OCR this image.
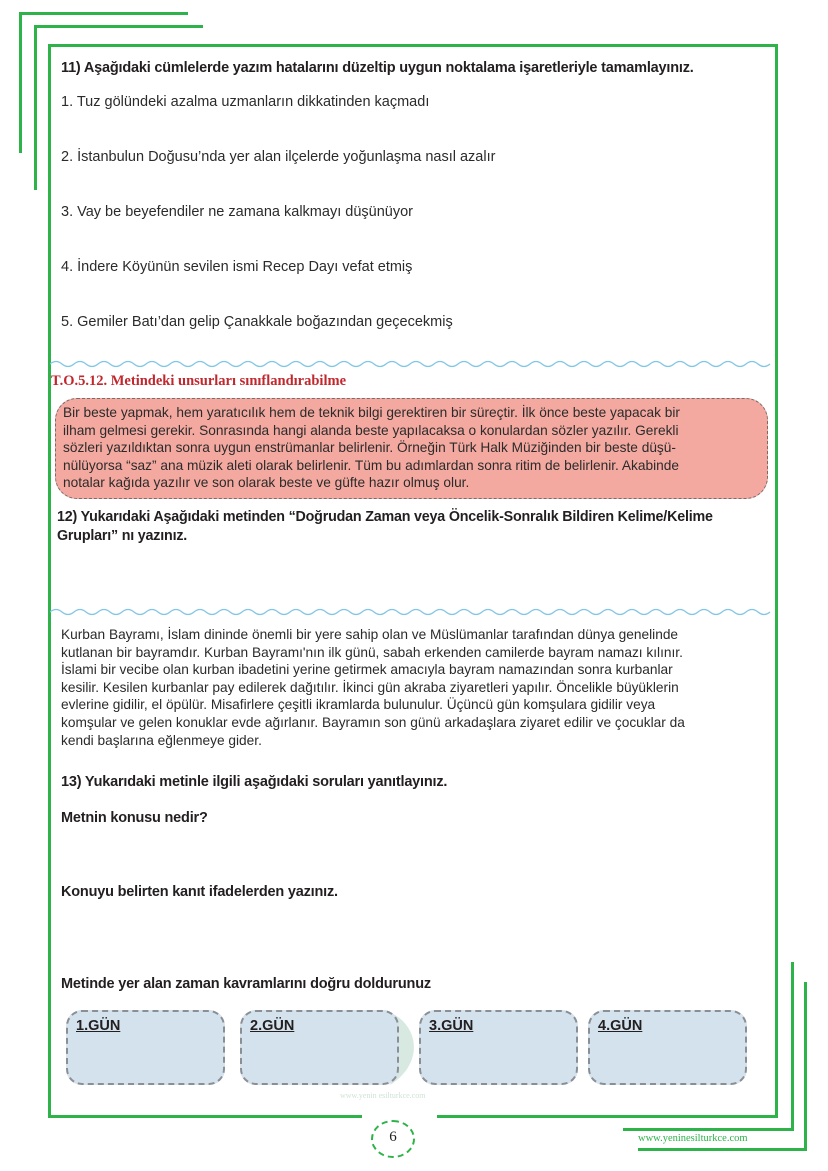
11) Aşağıdaki cümlelerde yazım hatalarını düzeltip uygun noktalama işaretleriyle tamamlayınız.
1. Tuz gölündeki azalma uzmanların dikkatinden kaçmadı
2. İstanbulun Doğusu’nda yer alan ilçelerde yoğunlaşma nasıl azalır
3. Vay be beyefendiler ne zamana kalkmayı düşünüyor
4. İndere Köyünün sevilen ismi Recep Dayı vefat etmiş
5. Gemiler Batı’dan gelip Çanakkale boğazından geçecekmiş
T.O.5.12. Metindeki unsurları sınıflandırabilme
Bir beste yapmak, hem yaratıcılık hem de teknik bilgi gerektiren bir süreçtir. İlk önce beste yapacak bir
ilham gelmesi gerekir. Sonrasında hangi alanda beste yapılacaksa o konulardan sözler yazılır. Gerekli
sözleri yazıldıktan sonra uygun enstrümanlar belirlenir. Örneğin Türk Halk Müziğinden bir beste düşü-
nülüyorsa “saz” ana müzik aleti olarak belirlenir. Tüm bu adımlardan sonra ritim de belirlenir. Akabinde
notalar kağıda yazılır ve son olarak beste ve güfte hazır olmuş olur.
12) Yukarıdaki Aşağıdaki metinden “Doğrudan Zaman veya Öncelik-Sonralık Bildiren Kelime/Kelime
Grupları” nı yazınız.
Kurban Bayramı, İslam dininde önemli bir yere sahip olan ve Müslümanlar tarafından dünya genelinde
kutlanan bir bayramdır. Kurban Bayramı'nın ilk günü, sabah erkenden camilerde bayram namazı kılınır.
İslami bir vecibe olan kurban ibadetini yerine getirmek amacıyla bayram namazından sonra kurbanlar
kesilir. Kesilen kurbanlar pay edilerek dağıtılır. İkinci gün akraba ziyaretleri yapılır. Öncelikle büyüklerin
evlerine gidilir, el öpülür. Misafirlere çeşitli ikramlarda bulunulur. Üçüncü gün komşulara gidilir veya
komşular ve gelen konuklar evde ağırlanır. Bayramın son günü arkadaşlara ziyaret edilir ve çocuklar da
kendi başlarına eğlenmeye gider.
13) Yukarıdaki metinle ilgili aşağıdaki soruları yanıtlayınız.
Metnin konusu nedir?
Konuyu belirten kanıt ifadelerden yazınız.
Metinde yer alan zaman kavramlarını doğru doldurunuz
www.yenin esilturkce.com
1.GÜN	2.GÜN	3.GÜN	4.GÜN
6	www.yeninesilturkce.com
